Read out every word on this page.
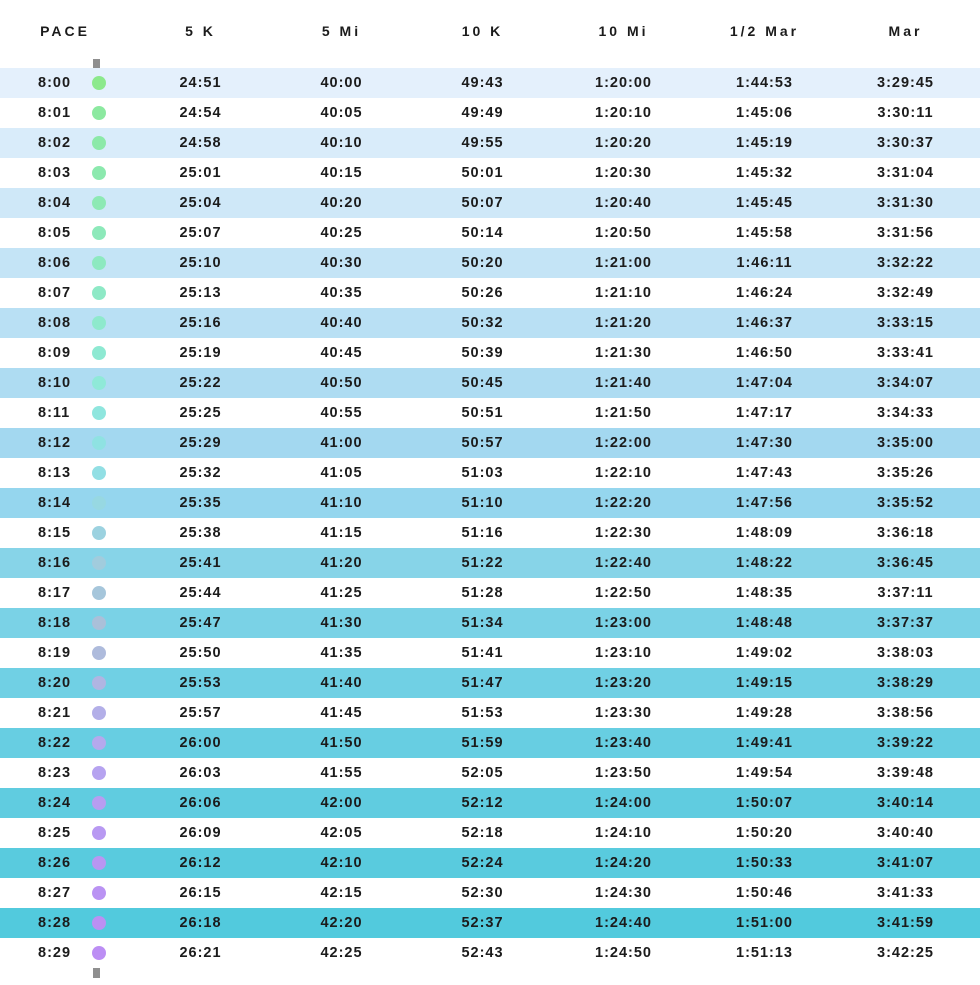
PACE	5 K	5 Mi	10 K	10 Mi	1/2 Mar	Mar
8:00	24:51	40:00	49:43	1:20:00	1:44:53	3:29:45
8:01	24:54	40:05	49:49	1:20:10	1:45:06	3:30:11
8:02	24:58	40:10	49:55	1:20:20	1:45:19	3:30:37
8:03	25:01	40:15	50:01	1:20:30	1:45:32	3:31:04
8:04	25:04	40:20	50:07	1:20:40	1:45:45	3:31:30
8:05	25:07	40:25	50:14	1:20:50	1:45:58	3:31:56
8:06	25:10	40:30	50:20	1:21:00	1:46:11	3:32:22
8:07	25:13	40:35	50:26	1:21:10	1:46:24	3:32:49
8:08	25:16	40:40	50:32	1:21:20	1:46:37	3:33:15
8:09	25:19	40:45	50:39	1:21:30	1:46:50	3:33:41
8:10	25:22	40:50	50:45	1:21:40	1:47:04	3:34:07
8:11	25:25	40:55	50:51	1:21:50	1:47:17	3:34:33
8:12	25:29	41:00	50:57	1:22:00	1:47:30	3:35:00
8:13	25:32	41:05	51:03	1:22:10	1:47:43	3:35:26
8:14	25:35	41:10	51:10	1:22:20	1:47:56	3:35:52
8:15	25:38	41:15	51:16	1:22:30	1:48:09	3:36:18
8:16	25:41	41:20	51:22	1:22:40	1:48:22	3:36:45
8:17	25:44	41:25	51:28	1:22:50	1:48:35	3:37:11
8:18	25:47	41:30	51:34	1:23:00	1:48:48	3:37:37
8:19	25:50	41:35	51:41	1:23:10	1:49:02	3:38:03
8:20	25:53	41:40	51:47	1:23:20	1:49:15	3:38:29
8:21	25:57	41:45	51:53	1:23:30	1:49:28	3:38:56
8:22	26:00	41:50	51:59	1:23:40	1:49:41	3:39:22
8:23	26:03	41:55	52:05	1:23:50	1:49:54	3:39:48
8:24	26:06	42:00	52:12	1:24:00	1:50:07	3:40:14
8:25	26:09	42:05	52:18	1:24:10	1:50:20	3:40:40
8:26	26:12	42:10	52:24	1:24:20	1:50:33	3:41:07
8:27	26:15	42:15	52:30	1:24:30	1:50:46	3:41:33
8:28	26:18	42:20	52:37	1:24:40	1:51:00	3:41:59
8:29	26:21	42:25	52:43	1:24:50	1:51:13	3:42:25
